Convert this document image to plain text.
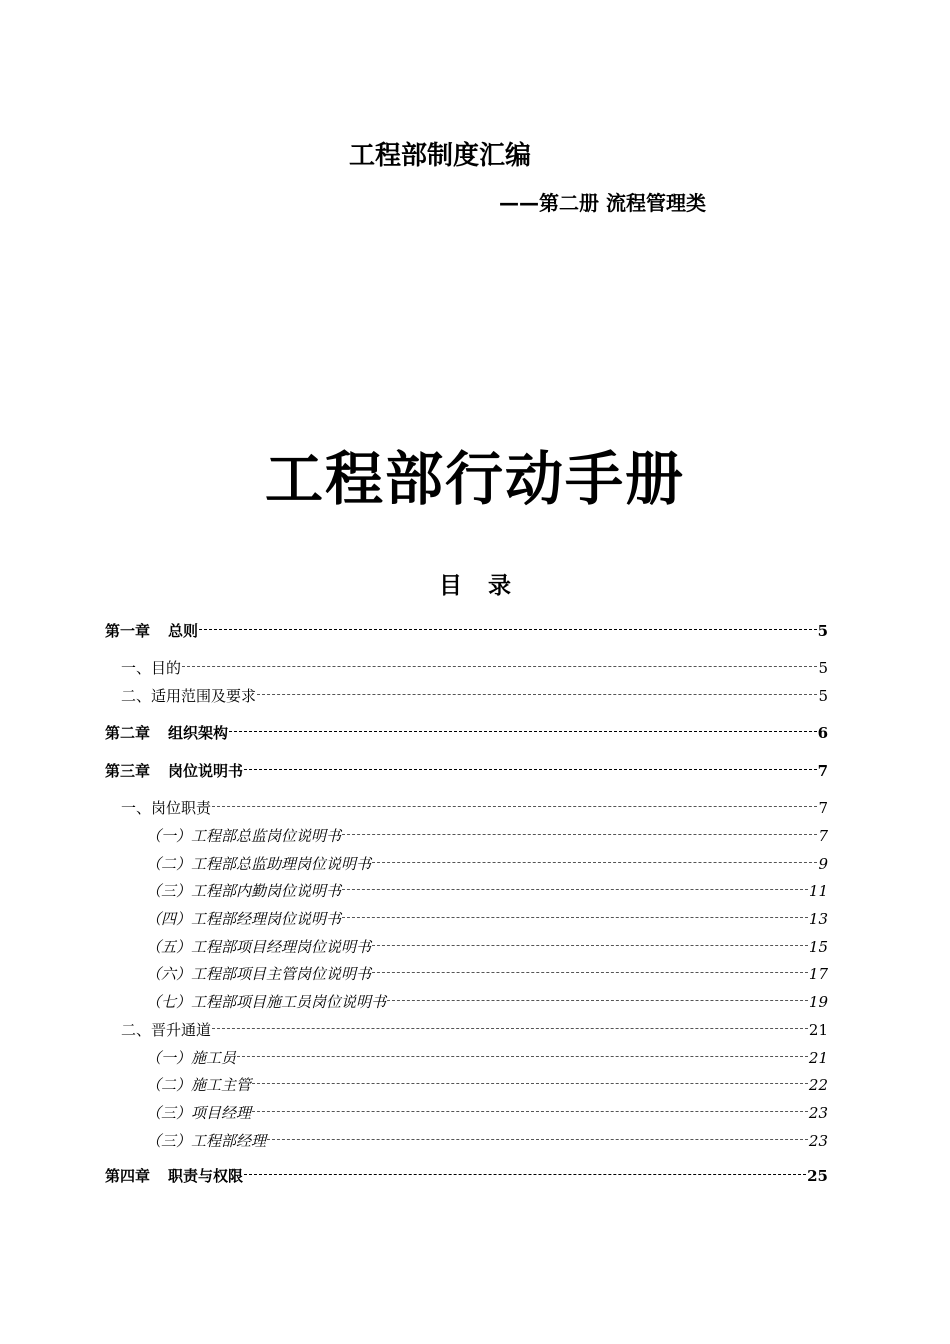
工程部制度汇编
——第二册 流程管理类
工程部行动手册
目录
第一章 总则	5
一、目的	5
二、适用范围及要求	5
第二章 组织架构	6
第三章 岗位说明书	7
一、岗位职责	7
（一）工程部总监岗位说明书	7
（二）工程部总监助理岗位说明书	9
（三）工程部内勤岗位说明书	11
（四）工程部经理岗位说明书	13
（五）工程部项目经理岗位说明书	15
（六）工程部项目主管岗位说明书	17
（七）工程部项目施工员岗位说明书	19
二、晋升通道	21
（一）施工员	21
（二）施工主管	22
（三）项目经理	23
（三）工程部经理	23
第四章 职责与权限	25
